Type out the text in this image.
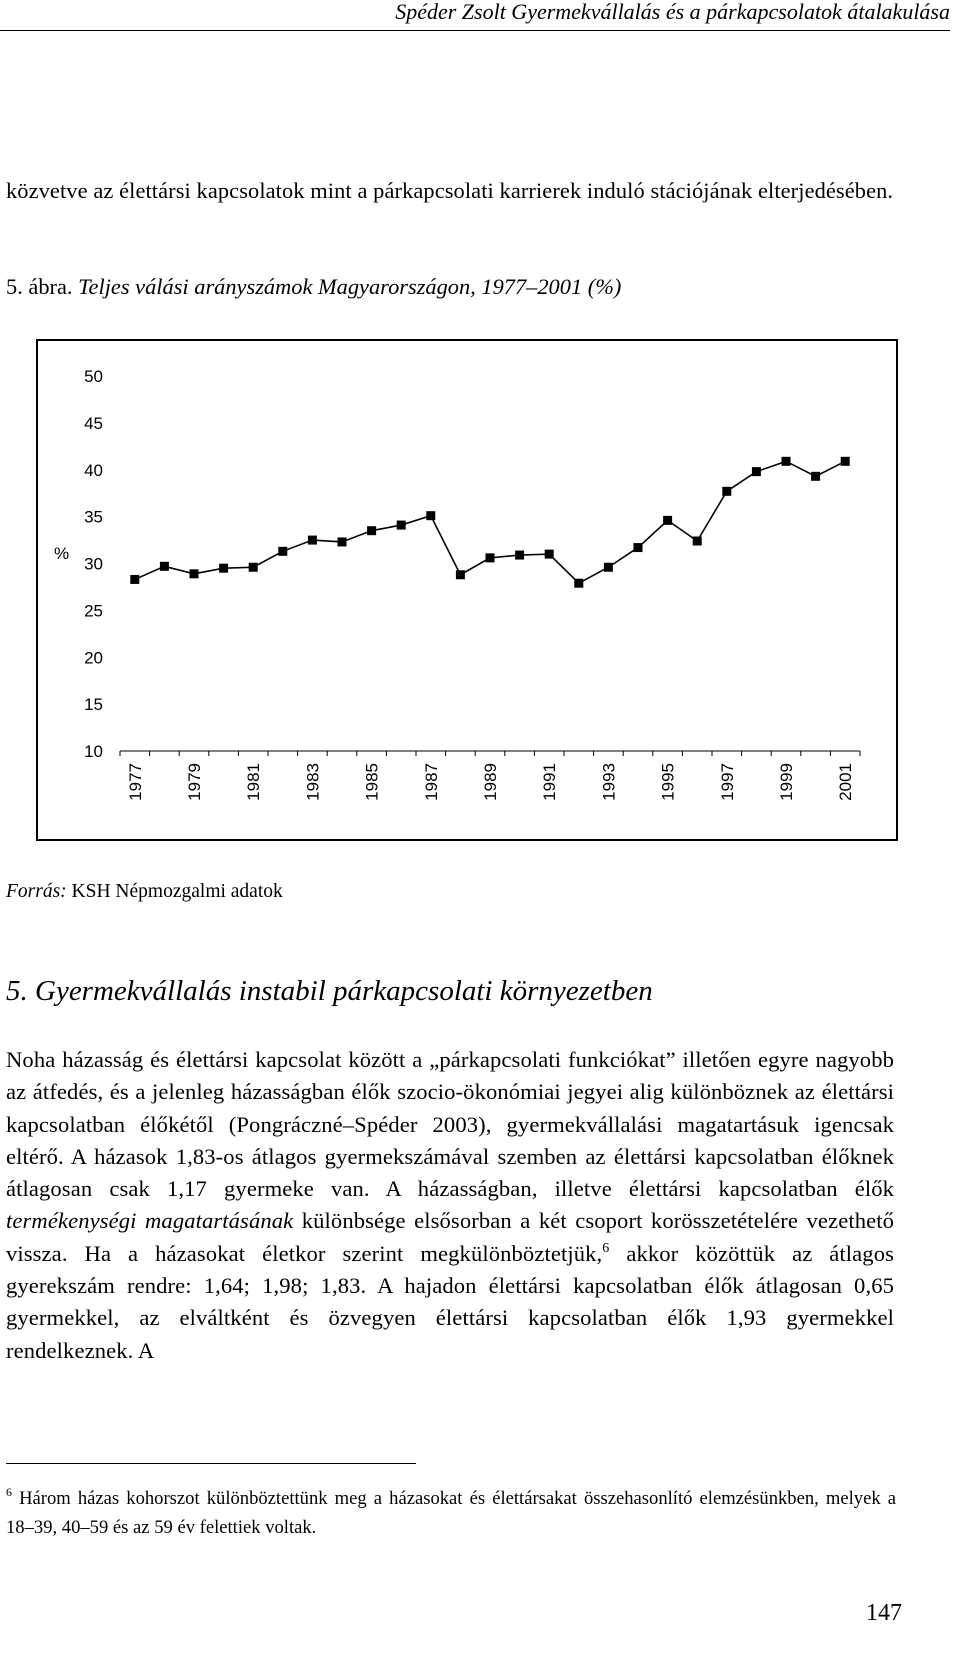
Spéder Zsolt Gyermekvállalás és a párkapcsolatok átalakulása
közvetve az élettársi kapcsolatok mint a párkapcsolati karrierek induló stációjának elterjedésében.
5. ábra. Teljes válási arányszámok Magyarországon, 1977–2001 (%)
10
15
20
25
30
35
40
45
50
%
1977 1979 1981 1983 1985 1987 1989 1991 1993 1995 1997 1999 2001
Forrás: KSH Népmozgalmi adatok
5. Gyermekvállalás instabil párkapcsolati környezetben
Noha házasság és élettársi kapcsolat között a „párkapcsolati funkciókat” illetően egyre nagyobb az átfedés, és a jelenleg házasságban élők szocio-ökonómiai jegyei alig különböznek az élettársi kapcsolatban élőkétől (Pongráczné–Spéder 2003), gyermekvállalási magatartásuk igencsak eltérő. A házasok 1,83-os átlagos gyermekszámával szemben az élettársi kapcsolatban élőknek átlagosan csak 1,17 gyermeke van. A házasságban, illetve élettársi kapcsolatban élők termékenységi magatartásának különbsége elsősorban a két csoport korösszetételére vezethető vissza. Ha a házasokat életkor szerint megkülönböztetjük,$^6$ akkor közöttük az átlagos gyerekszám rendre: 1,64; 1,98; 1,83. A hajadon élettársi kapcsolatban élők átlagosan 0,65 gyermekkel, az elváltként és özvegyen élettársi kapcsolatban élők 1,93 gyermekkel rendelkeznek. A
$^6$ Három házas kohorszot különböztettünk meg a házasokat és élettársakat összehasonlító elemzésünkben, melyek a 18–39, 40–59 és az 59 év felettiek voltak.
147
